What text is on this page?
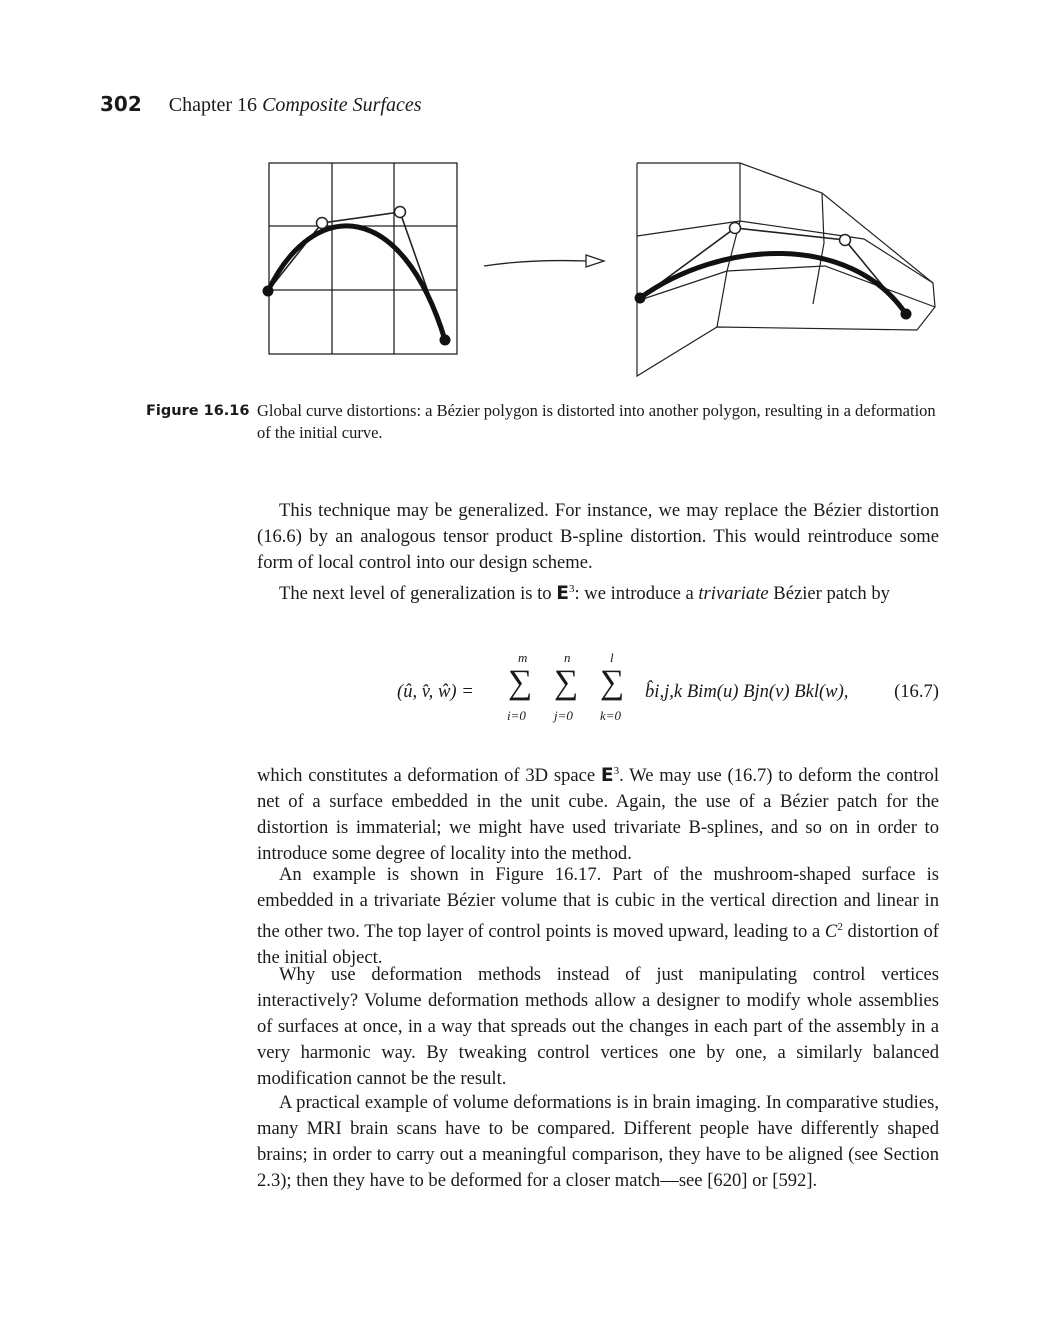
302 Chapter 16 Composite Surfaces
Figure 16.16 Global curve distortions: a Bézier polygon is distorted into another polygon, resulting in a deformation of the initial curve.

This technique may be generalized. For instance, we may replace the Bézier distortion (16.6) by an analogous tensor product B-spline distortion. This would reintroduce some form of local control into our design scheme.

The next level of generalization is to $E^3$: we introduce a trivariate Bézier patch by

(û, v̂, ŵ) =
m	n	l
∑ ∑ ∑
i=0 j=0 k=0
b̂i,j,k Bim(u) Bjn(v) Bkl(w), (16.7)

which constitutes a deformation of 3D space $E^3$. We may use (16.7) to deform the control net of a surface embedded in the unit cube. Again, the use of a Bézier patch for the distortion is immaterial; we might have used trivariate B-splines, and so on in order to introduce some degree of locality into the method.

An example is shown in Figure 16.17. Part of the mushroom-shaped surface is embedded in a trivariate Bézier volume that is cubic in the vertical direction and linear in the other two. The top layer of control points is moved upward, leading to a $C^2$ distortion of the initial object.

Why use deformation methods instead of just manipulating control vertices interactively? Volume deformation methods allow a designer to modify whole assemblies of surfaces at once, in a way that spreads out the changes in each part of the assembly in a very harmonic way. By tweaking control vertices one by one, a similarly balanced modification cannot be the result.

A practical example of volume deformations is in brain imaging. In comparative studies, many MRI brain scans have to be compared. Different people have differently shaped brains; in order to carry out a meaningful comparison, they have to be aligned (see Section 2.3); then they have to be deformed for a closer match—see [620] or [592].
